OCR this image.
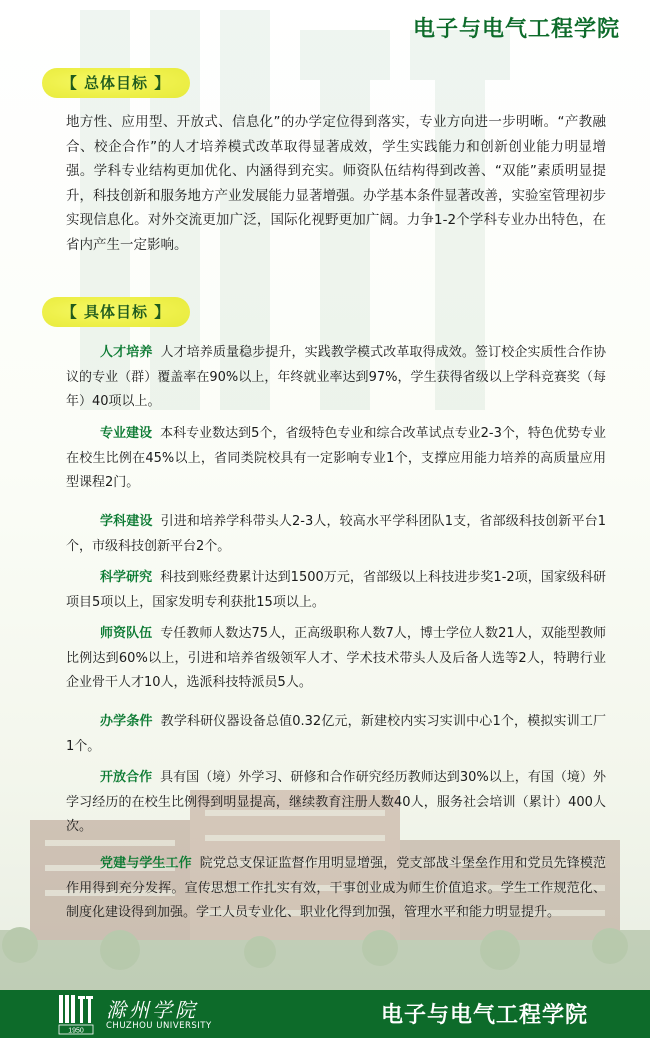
电子与电气工程学院
【 总体目标 】
地方性、应用型、开放式、信息化”的办学定位得到落实，专业方向进一步明晰。“产教融合、校企合作”的人才培养模式改革取得显著成效，学生实践能力和创新创业能力明显增强。学科专业结构更加优化、内涵得到充实。师资队伍结构得到改善、“双能”素质明显提升，科技创新和服务地方产业发展能力显著增强。办学基本条件显著改善，实验室管理初步实现信息化。对外交流更加广泛，国际化视野更加广阔。力争1-2个学科专业办出特色，在省内产生一定影响。
【 具体目标 】
人才培养 人才培养质量稳步提升，实践教学模式改革取得成效。签订校企实质性合作协议的专业（群）覆盖率在90%以上，年终就业率达到97%，学生获得省级以上学科竞赛奖（每年）40项以上。
专业建设 本科专业数达到5个，省级特色专业和综合改革试点专业2-3个，特色优势专业在校生比例在45%以上，省同类院校具有一定影响专业1个，支撑应用能力培养的高质量应用型课程2门。
学科建设 引进和培养学科带头人2-3人，较高水平学科团队1支，省部级科技创新平台1个，市级科技创新平台2个。
科学研究 科技到账经费累计达到1500万元，省部级以上科技进步奖1-2项，国家级科研项目5项以上，国家发明专利获批15项以上。
师资队伍 专任教师人数达75人，正高级职称人数7人，博士学位人数21人，双能型教师比例达到60%以上，引进和培养省级领军人才、学术技术带头人及后备人选等2人，特聘行业企业骨干人才10人，选派科技特派员5人。
办学条件 教学科研仪器设备总值0.32亿元，新建校内实习实训中心1个，模拟实训工厂1个。
开放合作 具有国（境）外学习、研修和合作研究经历教师达到30%以上，有国（境）外学习经历的在校生比例得到明显提高，继续教育注册人数40人，服务社会培训（累计）400人次。
党建与学生工作 院党总支保证监督作用明显增强，党支部战斗堡垒作用和党员先锋模范作用得到充分发挥。宣传思想工作扎实有效，干事创业成为师生价值追求。学生工作规范化、制度化建设得到加强。学工人员专业化、职业化得到加强，管理水平和能力明显提升。
1950
滁州学院
CHUZHOU UNIVERSITY	电子与电气工程学院
